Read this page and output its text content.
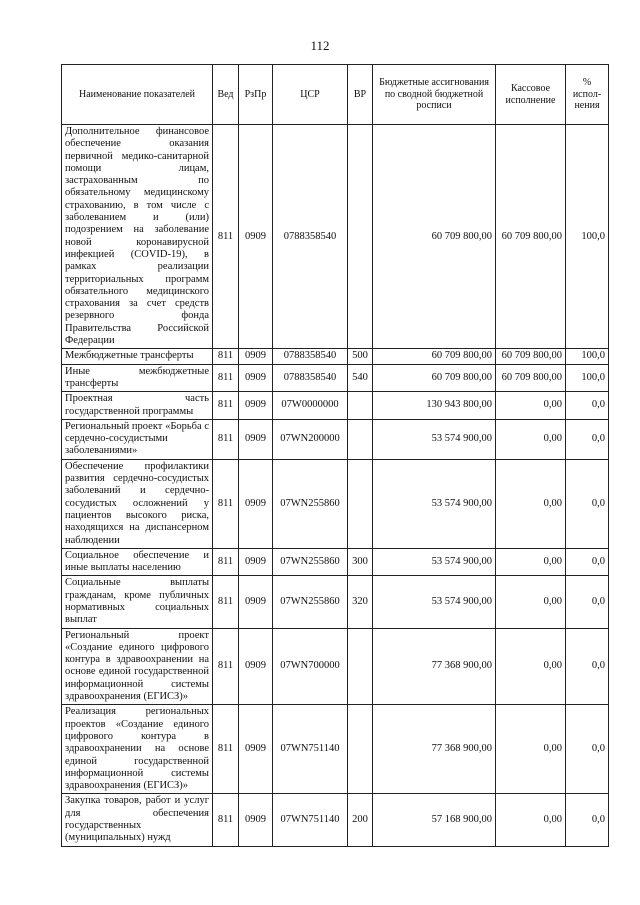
112
Наименование показателей	Вед	РзПр	ЦСР	ВР	Бюджетные ассигнования по сводной бюджетной росписи	Кассовое исполнение	% испол-нения
Дополнительное финансовое обеспечение оказания первичной медико-санитарной помощи лицам, застрахованным по обязательному медицинскому страхованию, в том числе с заболеванием и (или) подозрением на заболевание новой коронавирусной инфекцией (COVID-19), в рамках реализации территориальных программ обязательного медицинского страхования за счет средств резервного фонда Правительства Российской Федерации	811	0909	0788358540		60 709 800,00	60 709 800,00	100,0
Межбюджетные трансферты	811	0909	0788358540	500	60 709 800,00	60 709 800,00	100,0
Иные межбюджетные трансферты	811	0909	0788358540	540	60 709 800,00	60 709 800,00	100,0
Проектная часть государственной программы	811	0909	07W0000000		130 943 800,00	0,00	0,0
Региональный проект «Борьба с сердечно-сосудистыми заболеваниями»	811	0909	07WN200000		53 574 900,00	0,00	0,0
Обеспечение профилактики развития сердечно-сосудистых заболеваний и сердечно-сосудистых осложнений у пациентов высокого риска, находящихся на диспансерном наблюдении	811	0909	07WN255860		53 574 900,00	0,00	0,0
Социальное обеспечение и иные выплаты населению	811	0909	07WN255860	300	53 574 900,00	0,00	0,0
Социальные выплаты гражданам, кроме публичных нормативных социальных выплат	811	0909	07WN255860	320	53 574 900,00	0,00	0,0
Региональный проект «Создание единого цифрового контура в здравоохранении на основе единой государственной информационной системы здравоохранения (ЕГИСЗ)»	811	0909	07WN700000		77 368 900,00	0,00	0,0
Реализация региональных проектов «Создание единого цифрового контура в здравоохранении на основе единой государственной информационной системы здравоохранения (ЕГИСЗ)»	811	0909	07WN751140		77 368 900,00	0,00	0,0
Закупка товаров, работ и услуг для обеспечения государственных (муниципальных) нужд	811	0909	07WN751140	200	57 168 900,00	0,00	0,0
